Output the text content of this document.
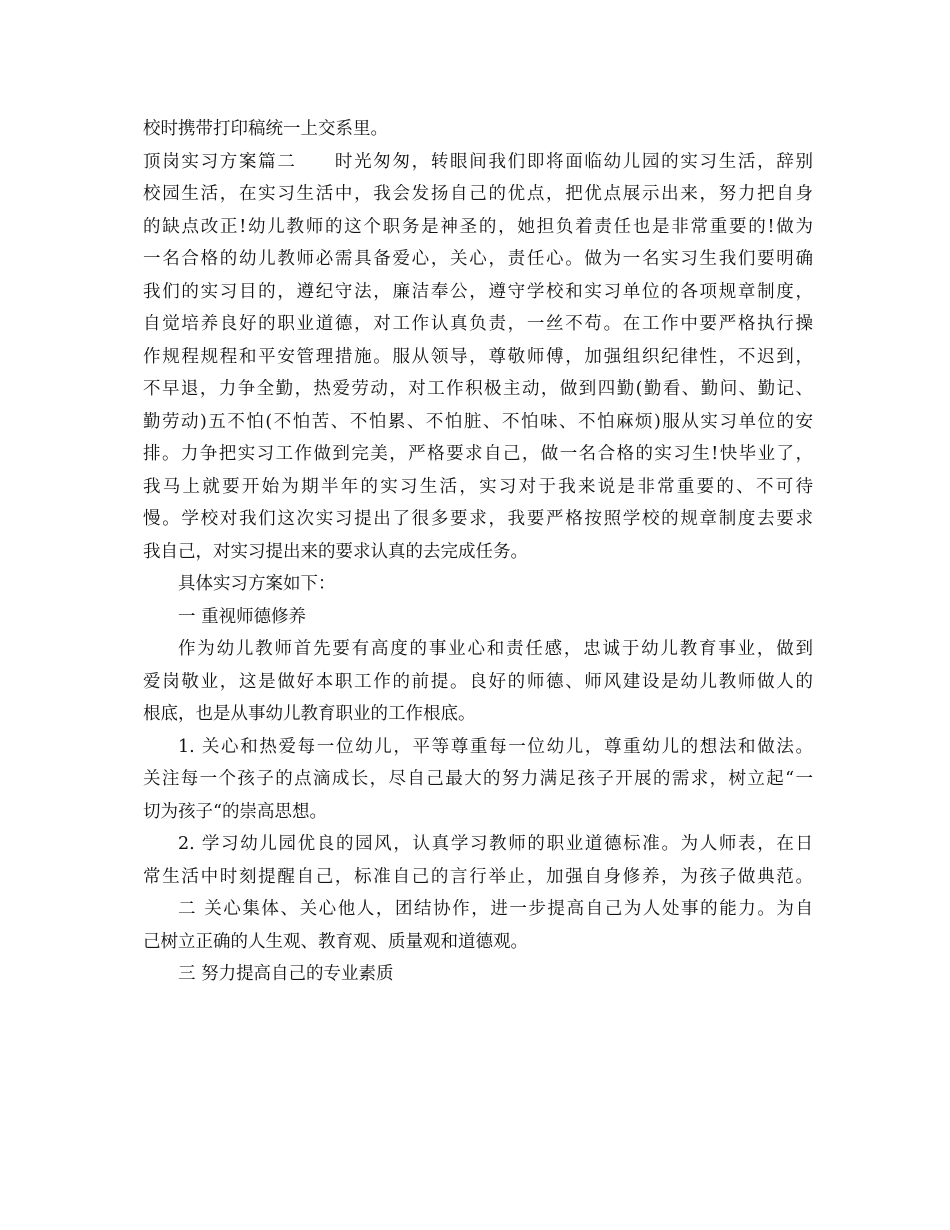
校时携带打印稿统一上交系里。
顶岗实习方案篇二　　时光匆匆，转眼间我们即将面临幼儿园的实习生活，辞别
校园生活，在实习生活中，我会发扬自己的优点，把优点展示出来，努力把自身
的缺点改正!幼儿教师的这个职务是神圣的，她担负着责任也是非常重要的!做为
一名合格的幼儿教师必需具备爱心，关心，责任心。做为一名实习生我们要明确
我们的实习目的，遵纪守法，廉洁奉公，遵守学校和实习单位的各项规章制度，
自觉培养良好的职业道德，对工作认真负责，一丝不苟。在工作中要严格执行操
作规程规程和平安管理措施。服从领导，尊敬师傅，加强组织纪律性，不迟到，
不早退，力争全勤，热爱劳动，对工作积极主动，做到四勤(勤看、勤问、勤记、
勤劳动)五不怕(不怕苦、不怕累、不怕脏、不怕味、不怕麻烦)服从实习单位的安
排。力争把实习工作做到完美，严格要求自己，做一名合格的实习生!快毕业了，
我马上就要开始为期半年的实习生活，实习对于我来说是非常重要的、不可待
慢。学校对我们这次实习提出了很多要求，我要严格按照学校的规章制度去要求
我自己，对实习提出来的要求认真的去完成任务。
具体实习方案如下：
一 重视师德修养
作为幼儿教师首先要有高度的事业心和责任感，忠诚于幼儿教育事业，做到
爱岗敬业，这是做好本职工作的前提。良好的师德、师风建设是幼儿教师做人的
根底，也是从事幼儿教育职业的工作根底。
1. 关心和热爱每一位幼儿，平等尊重每一位幼儿，尊重幼儿的想法和做法。
关注每一个孩子的点滴成长，尽自己最大的努力满足孩子开展的需求，树立起“一
切为孩子“的崇高思想。
2. 学习幼儿园优良的园风，认真学习教师的职业道德标准。为人师表，在日
常生活中时刻提醒自己，标准自己的言行举止，加强自身修养，为孩子做典范。
二 关心集体、关心他人，团结协作，进一步提高自己为人处事的能力。为自
己树立正确的人生观、教育观、质量观和道德观。
三 努力提高自己的专业素质
